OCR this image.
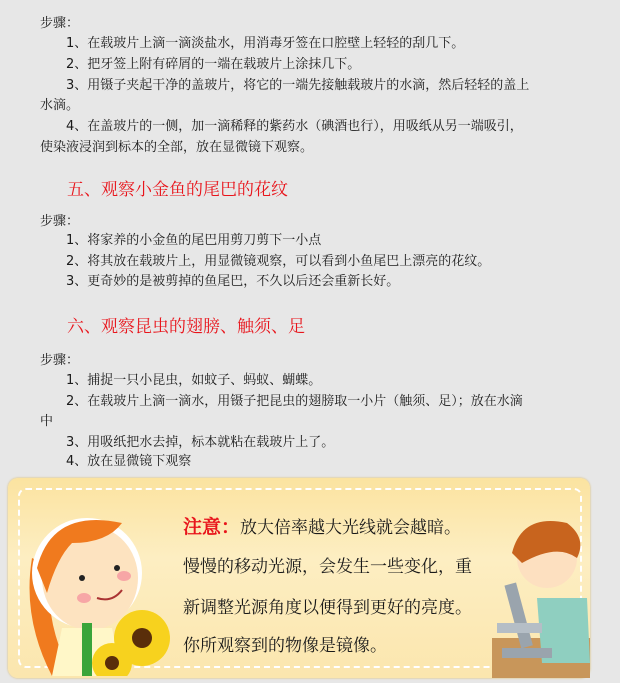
步骤：
1、在载玻片上滴一滴淡盐水，用消毒牙签在口腔壁上轻轻的刮几下。
2、把牙签上附有碎屑的一端在载玻片上涂抹几下。
3、用镊子夹起干净的盖玻片，将它的一端先接触载玻片的水滴，然后轻轻的盖上
水滴。
4、在盖玻片的一侧，加一滴稀释的紫药水（碘酒也行），用吸纸从另一端吸引，
使染液浸润到标本的全部，放在显微镜下观察。
五、观察小金鱼的尾巴的花纹
步骤：
1、将家养的小金鱼的尾巴用剪刀剪下一小点
2、将其放在载玻片上，用显微镜观察，可以看到小鱼尾巴上漂亮的花纹。
3、更奇妙的是被剪掉的鱼尾巴，不久以后还会重新长好。
六、观察昆虫的翅膀、触须、足
步骤：
1、捕捉一只小昆虫，如蚊子、蚂蚁、蝴蝶。
2、在载玻片上滴一滴水，用镊子把昆虫的翅膀取一小片（触须、足）；放在水滴
中
3、用吸纸把水去掉，标本就粘在载玻片上了。
4、放在显微镜下观察
注意：放大倍率越大光线就会越暗。
慢慢的移动光源，会发生一些变化，重
新调整光源角度以便得到更好的亮度。
你所观察到的物像是镜像。
